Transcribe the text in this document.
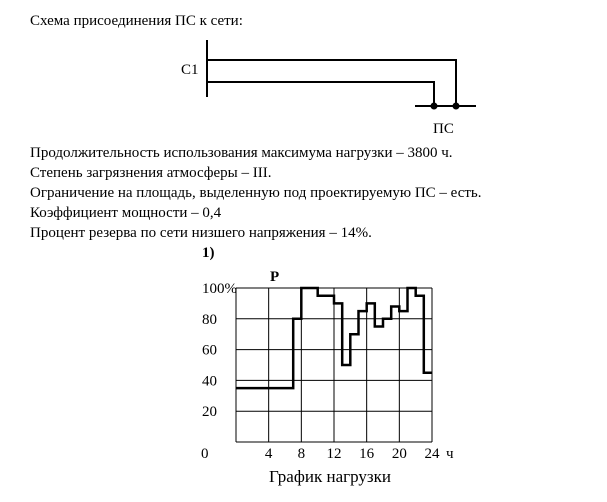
С1
ПС
Схема присоединения ПС к сети:
Продолжительность использования максимума нагрузки – 3800 ч.
Степень загрязнения атмосферы – III.
Ограничение на площадь, выделенную под проектируемую ПС – есть.
Коэффициент мощности – 0,4
Процент резерва по сети низшего напряжения – 14%.
1)
P
20
40
60
80
100%
4 8 12 16 20 24
0	ч
График нагрузки
